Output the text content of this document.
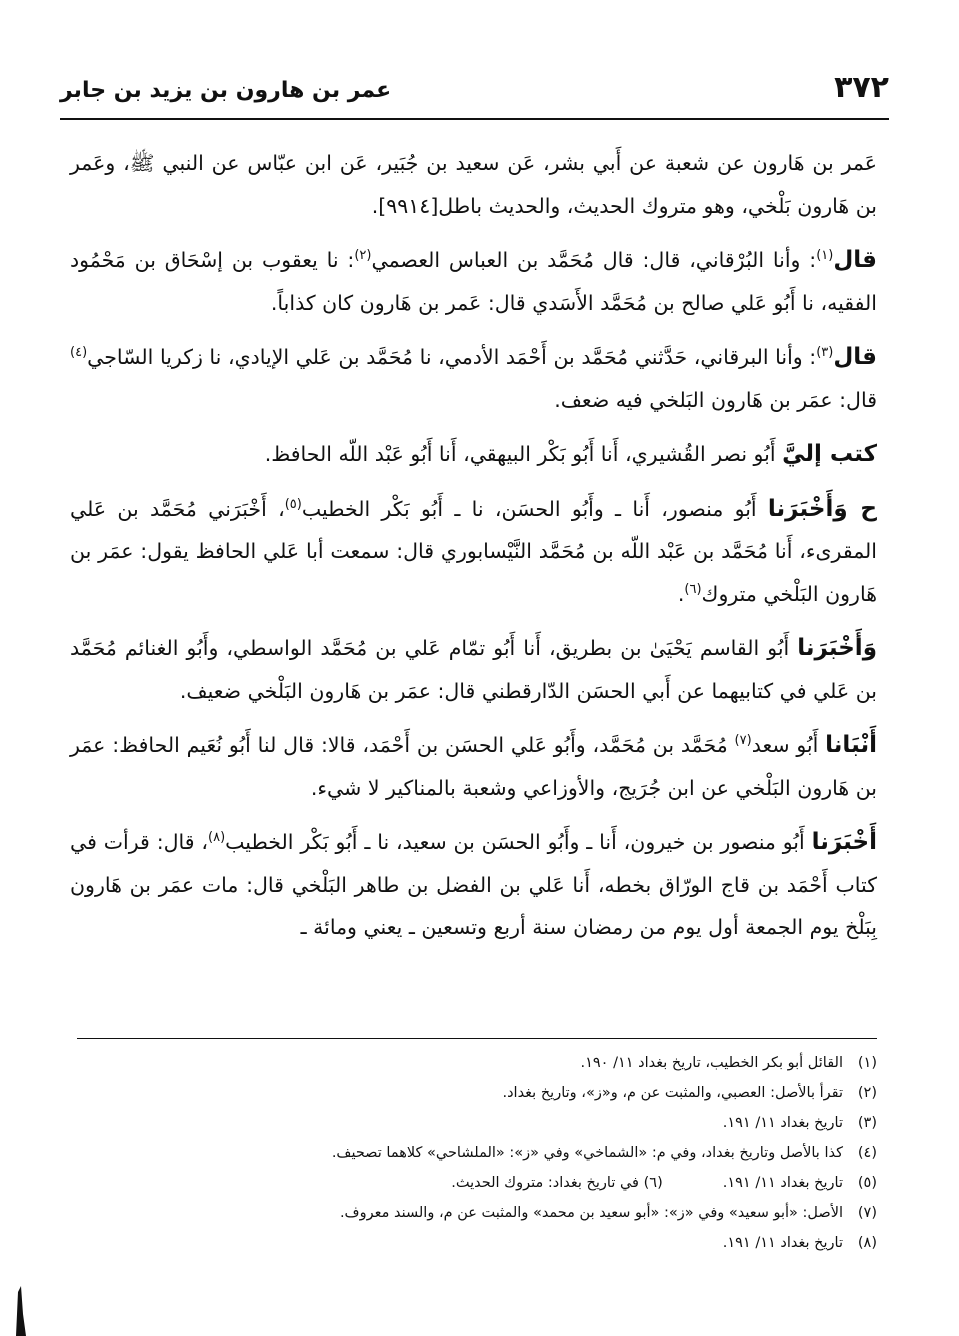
٣٧٢
عمر بن هارون بن يزيد بن جابر

عَمر بن هَارون عن شعبة عن أَبي بشر، عَن سعيد بن جُبَير، عَن ابن عبّاس عن النبي ﷺ، وعَمر بن هَارون بَلْخي، وهو متروك الحديث، والحديث باطل[٩٩١٤].

قال$^{(١)}$: وأنا البُرْقاني، قال: قال مُحَمَّد بن العباس العصمي$^{(٢)}$: نا يعقوب بن إسْحَاق بن مَحْمُود الفقيه، نا أَبُو عَلي صالح بن مُحَمَّد الأَسَدي قال: عَمر بن هَارون كان كذاباً.

قال$^{(٣)}$: وأنا البرقاني، حَدَّثني مُحَمَّد بن أَحْمَد الأدمي، نا مُحَمَّد بن عَلي الإيادي، نا زكريا السّاجي$^{(٤)}$ قال: عمَر بن هَارون البَلخي فيه ضعف.

كتب إليَّ أَبُو نصر القُشيري، أَنا أَبُو بَكْر البيهقي، أَنا أَبُو عَبْد اللّه الحافظ.

ح وَأَخْبَرَنا أَبُو منصور، أَنا ـ وأَبُو الحسَن، نا ـ أَبُو بَكْر الخطيب$^{(٥)}$، أَخْبَرَني مُحَمَّد بن عَلي المقرىء، أَنا مُحَمَّد بن عَبْد اللّه بن مُحَمَّد النَّيْسابوري قال: سمعت أبا عَلي الحافظ يقول: عمَر بن هَارون البَلْخي متروك$^{(٦)}$.

وَأَخْبَرَنا أَبُو القاسم يَحْيَىٰ بن بطريق، أَنا أَبُو تمّام عَلي بن مُحَمَّد الواسطي، وأَبُو الغنائم مُحَمَّد بن عَلي في كتابيهما عن أَبي الحسَن الدّارقطني قال: عمَر بن هَارون البَلْخي ضعيف.

أَنْبَانا أَبُو سعد$^{(٧)}$ مُحَمَّد بن مُحَمَّد، وأَبُو عَلي الحسَن بن أَحْمَد، قالا: قال لنا أَبُو نُعَيم الحافظ: عمَر بن هَارون البَلْخي عن ابن جُرَيج، والأوزاعي وشعبة بالمناكير لا شيء.

أَخْبَرَنا أَبُو منصور بن خيرون، أَنا ـ وأَبُو الحسَن بن سعيد، نا ـ أَبُو بَكْر الخطيب$^{(٨)}$، قال: قرأت في كتاب أَحْمَد بن قاج الورّاق بخطه، أَنا عَلي بن الفضل بن طاهر البَلْخي قال: مات عمَر بن هَارون بِبَلْخ يوم الجمعة أول يوم من رمضان سنة أربع وتسعين ـ يعني ومائة ـ

(١)القائل أبو بكر الخطيب، تاريخ بغداد ١١/ ١٩٠.
(٢)تقرأ بالأصل: العصبي، والمثبت عن م، و«ز»، وتاريخ بغداد.
(٣)تاريخ بغداد ١١/ ١٩١.
(٤)كذا بالأصل وتاريخ بغداد، وفي م: «الشماخي» وفي «ز»: «الملشاحي» كلاهما تصحيف.
(٥)تاريخ بغداد ١١/ ١٩١.(٦) في تاريخ بغداد: متروك الحديث.
(٧)الأصل: «أبو سعيد» وفي «ز»: «أبو سعيد بن محمد» والمثبت عن م، والسند معروف.
(٨)تاريخ بغداد ١١/ ١٩١.
